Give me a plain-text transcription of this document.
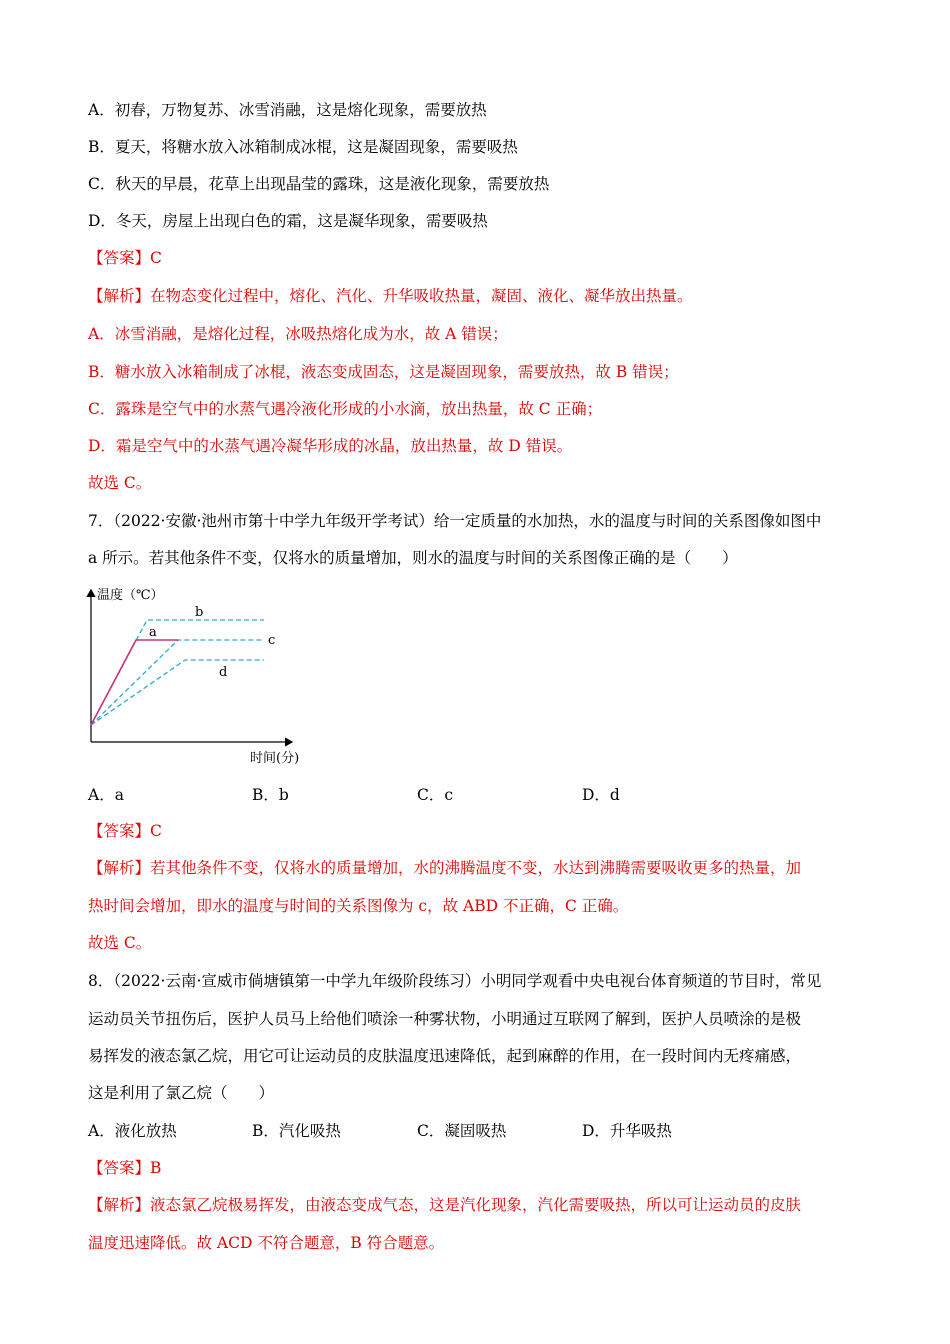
A．初春，万物复苏、冰雪消融，这是熔化现象，需要放热
B．夏天，将糖水放入冰箱制成冰棍，这是凝固现象，需要吸热
C．秋天的早晨，花草上出现晶莹的露珠，这是液化现象，需要放热
D．冬天，房屋上出现白色的霜，这是凝华现象，需要吸热
【答案】C
【解析】在物态变化过程中，熔化、汽化、升华吸收热量，凝固、液化、凝华放出热量。
A．冰雪消融，是熔化过程，冰吸热熔化成为水，故 A 错误；
B．糖水放入冰箱制成了冰棍，液态变成固态，这是凝固现象，需要放热，故 B 错误；
C．露珠是空气中的水蒸气遇冷液化形成的小水滴，放出热量，故 C 正确；
D．霜是空气中的水蒸气遇冷凝华形成的冰晶，放出热量，故 D 错误。
故选 C。
7．（2022·安徽·池州市第十中学九年级开学考试）给一定质量的水加热，水的温度与时间的关系图像如图中
a 所示。若其他条件不变，仅将水的质量增加，则水的温度与时间的关系图像正确的是（　　）
温度（℃）
时间(分)
b
a
c
d
A．a	B．b	C．c	D．d
【答案】C
【解析】若其他条件不变，仅将水的质量增加，水的沸腾温度不变，水达到沸腾需要吸收更多的热量，加
热时间会增加，即水的温度与时间的关系图像为 c，故 ABD 不正确，C 正确。
故选 C。
8．（2022·云南·宣威市倘塘镇第一中学九年级阶段练习）小明同学观看中央电视台体育频道的节目时，常见
运动员关节扭伤后，医护人员马上给他们喷涂一种雾状物，小明通过互联网了解到，医护人员喷涂的是极
易挥发的液态氯乙烷，用它可让运动员的皮肤温度迅速降低，起到麻醉的作用，在一段时间内无疼痛感，
这是利用了氯乙烷（　　）
A．液化放热	B．汽化吸热	C．凝固吸热	D．升华吸热
【答案】B
【解析】液态氯乙烷极易挥发，由液态变成气态，这是汽化现象，汽化需要吸热，所以可让运动员的皮肤
温度迅速降低。故 ACD 不符合题意，B 符合题意。
